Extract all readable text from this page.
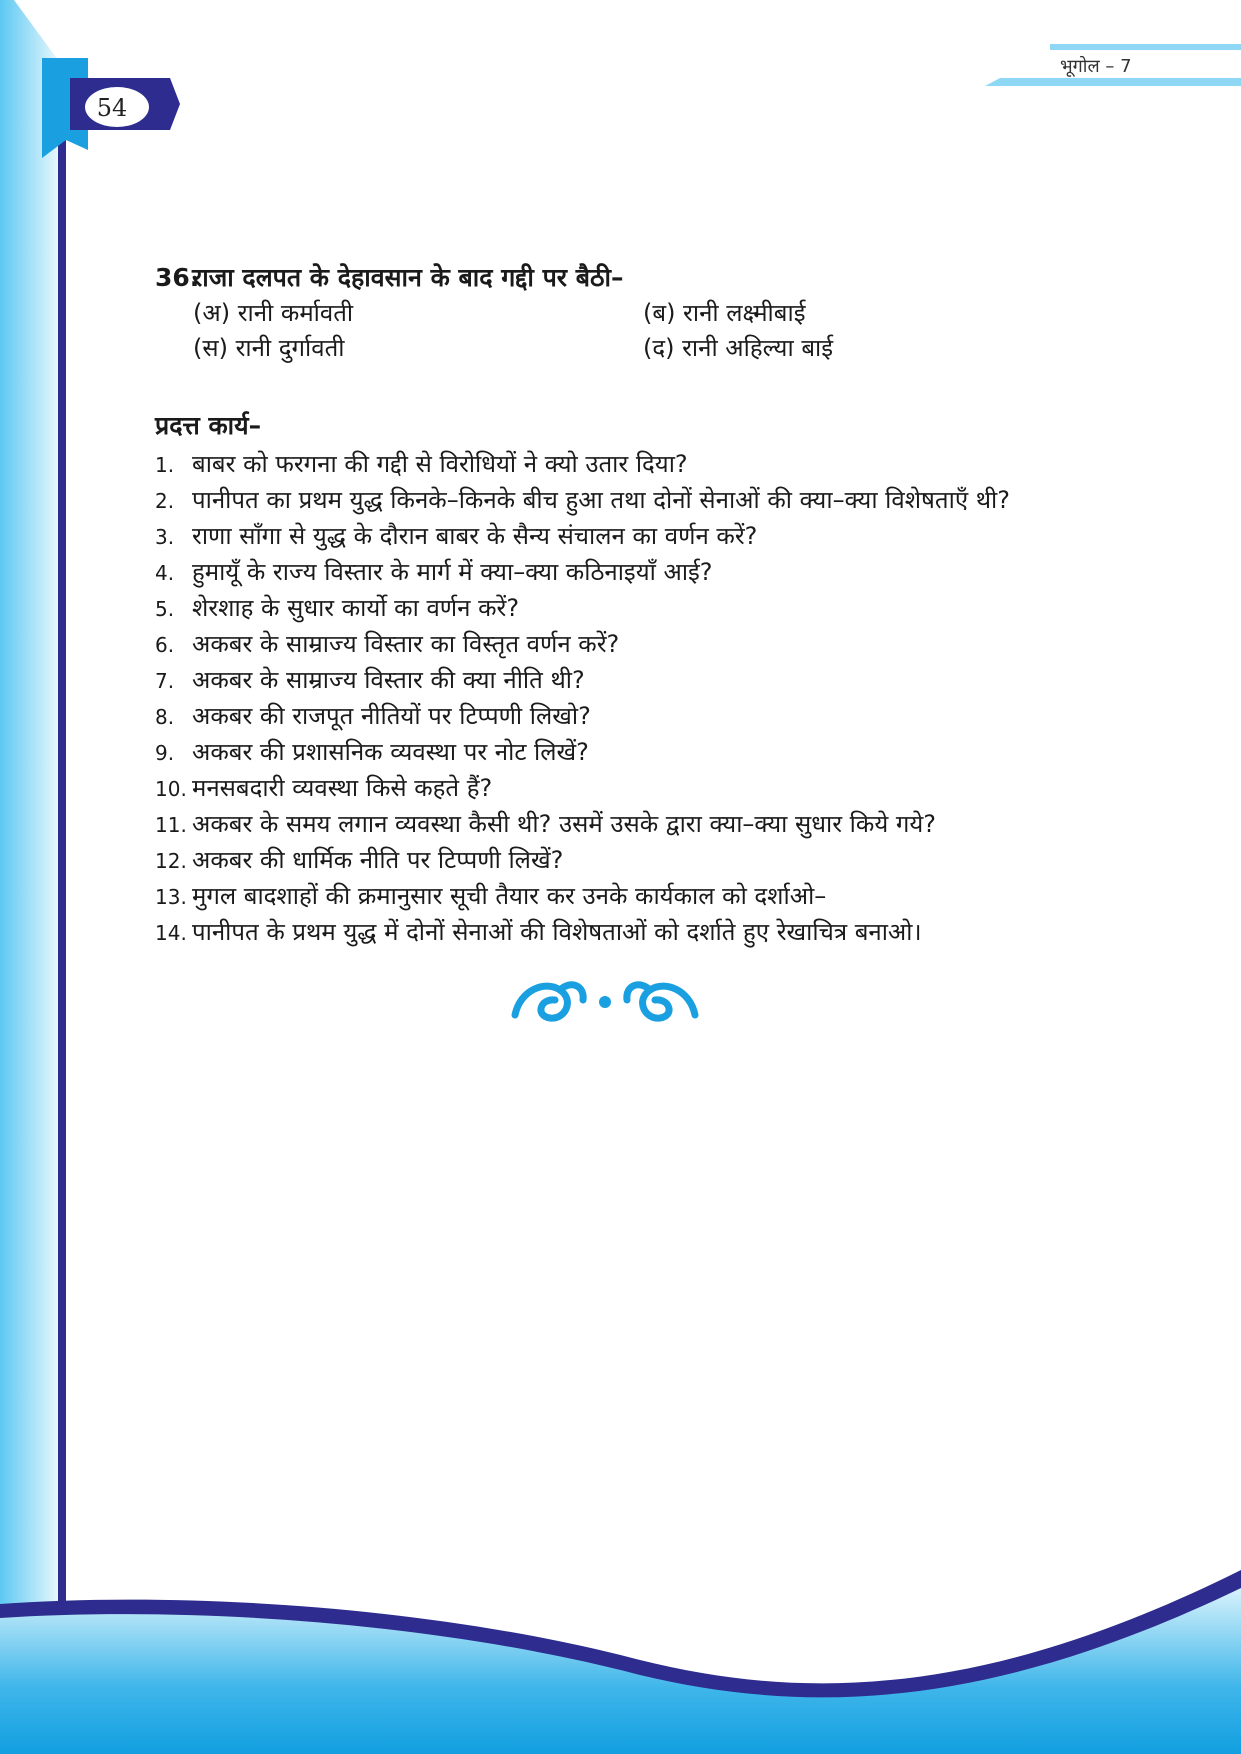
भूगोल – 7
54
36.राजा दलपत के देहावसान के बाद गद्दी पर बैठी–
(अ) रानी कर्मावती	(ब) रानी लक्ष्मीबाई
(स) रानी दुर्गावती	(द) रानी अहिल्या बाई
प्रदत्त कार्य–
1. बाबर को फरगना की गद्दी से विरोधियों ने क्यो उतार दिया?
2. पानीपत का प्रथम युद्ध किनके–किनके बीच हुआ तथा दोनों सेनाओं की क्या–क्या विशेषताएँ थी?
3. राणा साँगा से युद्ध के दौरान बाबर के सैन्य संचालन का वर्णन करें?
4. हुमायूँ के राज्य विस्तार के मार्ग में क्या–क्या कठिनाइयाँ आई?
5. शेरशाह के सुधार कार्यो का वर्णन करें?
6. अकबर के साम्राज्य विस्तार का विस्तृत वर्णन करें?
7. अकबर के साम्राज्य विस्तार की क्या नीति थी?
8. अकबर की राजपूत नीतियों पर टिप्पणी लिखो?
9. अकबर की प्रशासनिक व्यवस्था पर नोट लिखें?
10. मनसबदारी व्यवस्था किसे कहते हैं?
11. अकबर के समय लगान व्यवस्था कैसी थी? उसमें उसके द्वारा क्या–क्या सुधार किये गये?
12. अकबर की धार्मिक नीति पर टिप्पणी लिखें?
13. मुगल बादशाहों की क्रमानुसार सूची तैयार कर उनके कार्यकाल को दर्शाओ–
14. पानीपत के प्रथम युद्ध में दोनों सेनाओं की विशेषताओं को दर्शाते हुए रेखाचित्र बनाओ।
